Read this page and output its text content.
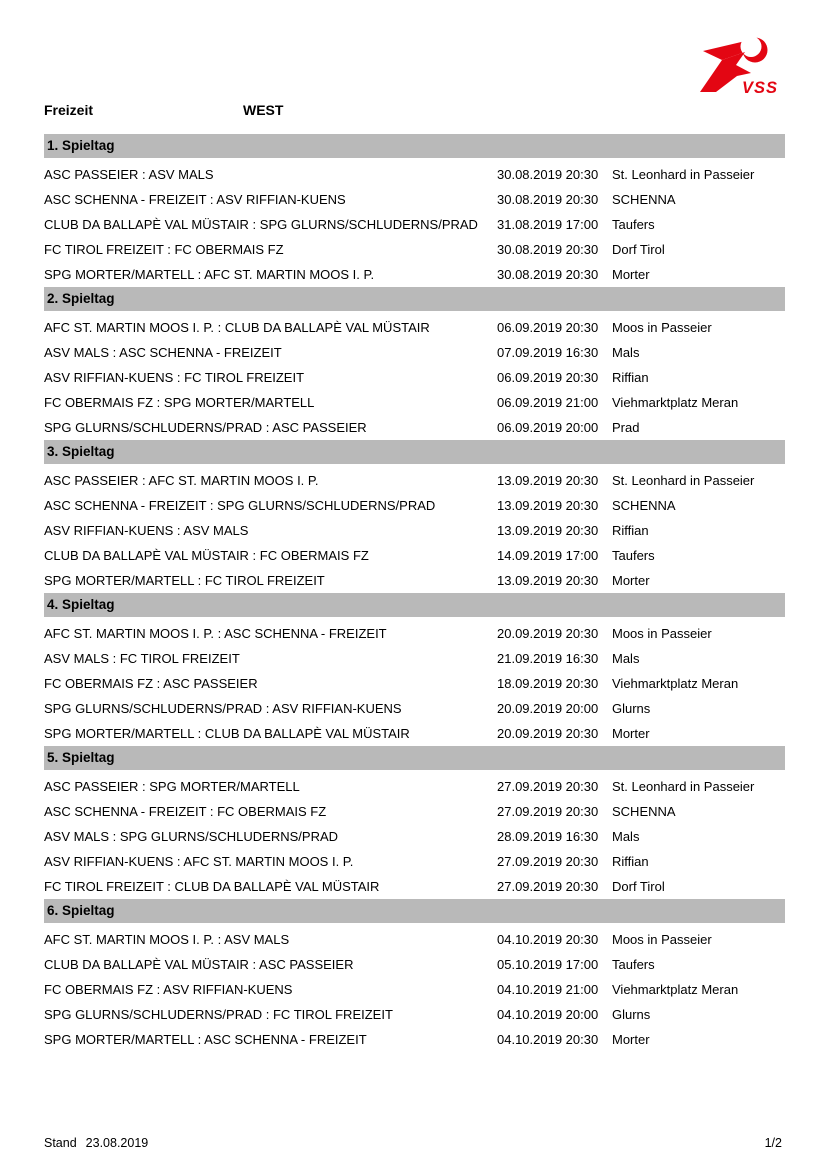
VSS
Freizeit	WEST
1. Spieltag
ASC PASSEIER : ASV MALS	30.08.2019 20:30	St. Leonhard in Passeier
ASC SCHENNA - FREIZEIT : ASV RIFFIAN-KUENS	30.08.2019 20:30	SCHENNA
CLUB DA BALLAPÈ VAL MÜSTAIR : SPG GLURNS/SCHLUDERNS/PRAD	31.08.2019 17:00	Taufers
FC TIROL FREIZEIT : FC OBERMAIS FZ	30.08.2019 20:30	Dorf Tirol
SPG MORTER/MARTELL : AFC ST. MARTIN MOOS I. P.	30.08.2019 20:30	Morter
2. Spieltag
AFC ST. MARTIN MOOS I. P. : CLUB DA BALLAPÈ VAL MÜSTAIR	06.09.2019 20:30	Moos in Passeier
ASV MALS : ASC SCHENNA - FREIZEIT	07.09.2019 16:30	Mals
ASV RIFFIAN-KUENS : FC TIROL FREIZEIT	06.09.2019 20:30	Riffian
FC OBERMAIS FZ : SPG MORTER/MARTELL	06.09.2019 21:00	Viehmarktplatz Meran
SPG GLURNS/SCHLUDERNS/PRAD : ASC PASSEIER	06.09.2019 20:00	Prad
3. Spieltag
ASC PASSEIER : AFC ST. MARTIN MOOS I. P.	13.09.2019 20:30	St. Leonhard in Passeier
ASC SCHENNA - FREIZEIT : SPG GLURNS/SCHLUDERNS/PRAD	13.09.2019 20:30	SCHENNA
ASV RIFFIAN-KUENS : ASV MALS	13.09.2019 20:30	Riffian
CLUB DA BALLAPÈ VAL MÜSTAIR : FC OBERMAIS FZ	14.09.2019 17:00	Taufers
SPG MORTER/MARTELL : FC TIROL FREIZEIT	13.09.2019 20:30	Morter
4. Spieltag
AFC ST. MARTIN MOOS I. P. : ASC SCHENNA - FREIZEIT	20.09.2019 20:30	Moos in Passeier
ASV MALS : FC TIROL FREIZEIT	21.09.2019 16:30	Mals
FC OBERMAIS FZ : ASC PASSEIER	18.09.2019 20:30	Viehmarktplatz Meran
SPG GLURNS/SCHLUDERNS/PRAD : ASV RIFFIAN-KUENS	20.09.2019 20:00	Glurns
SPG MORTER/MARTELL : CLUB DA BALLAPÈ VAL MÜSTAIR	20.09.2019 20:30	Morter
5. Spieltag
ASC PASSEIER : SPG MORTER/MARTELL	27.09.2019 20:30	St. Leonhard in Passeier
ASC SCHENNA - FREIZEIT : FC OBERMAIS FZ	27.09.2019 20:30	SCHENNA
ASV MALS : SPG GLURNS/SCHLUDERNS/PRAD	28.09.2019 16:30	Mals
ASV RIFFIAN-KUENS : AFC ST. MARTIN MOOS I. P.	27.09.2019 20:30	Riffian
FC TIROL FREIZEIT : CLUB DA BALLAPÈ VAL MÜSTAIR	27.09.2019 20:30	Dorf Tirol
6. Spieltag
AFC ST. MARTIN MOOS I. P. : ASV MALS	04.10.2019 20:30	Moos in Passeier
CLUB DA BALLAPÈ VAL MÜSTAIR : ASC PASSEIER	05.10.2019 17:00	Taufers
FC OBERMAIS FZ : ASV RIFFIAN-KUENS	04.10.2019 21:00	Viehmarktplatz Meran
SPG GLURNS/SCHLUDERNS/PRAD : FC TIROL FREIZEIT	04.10.2019 20:00	Glurns
SPG MORTER/MARTELL : ASC SCHENNA - FREIZEIT	04.10.2019 20:30	Morter
Stand 23.08.2019	1/2
